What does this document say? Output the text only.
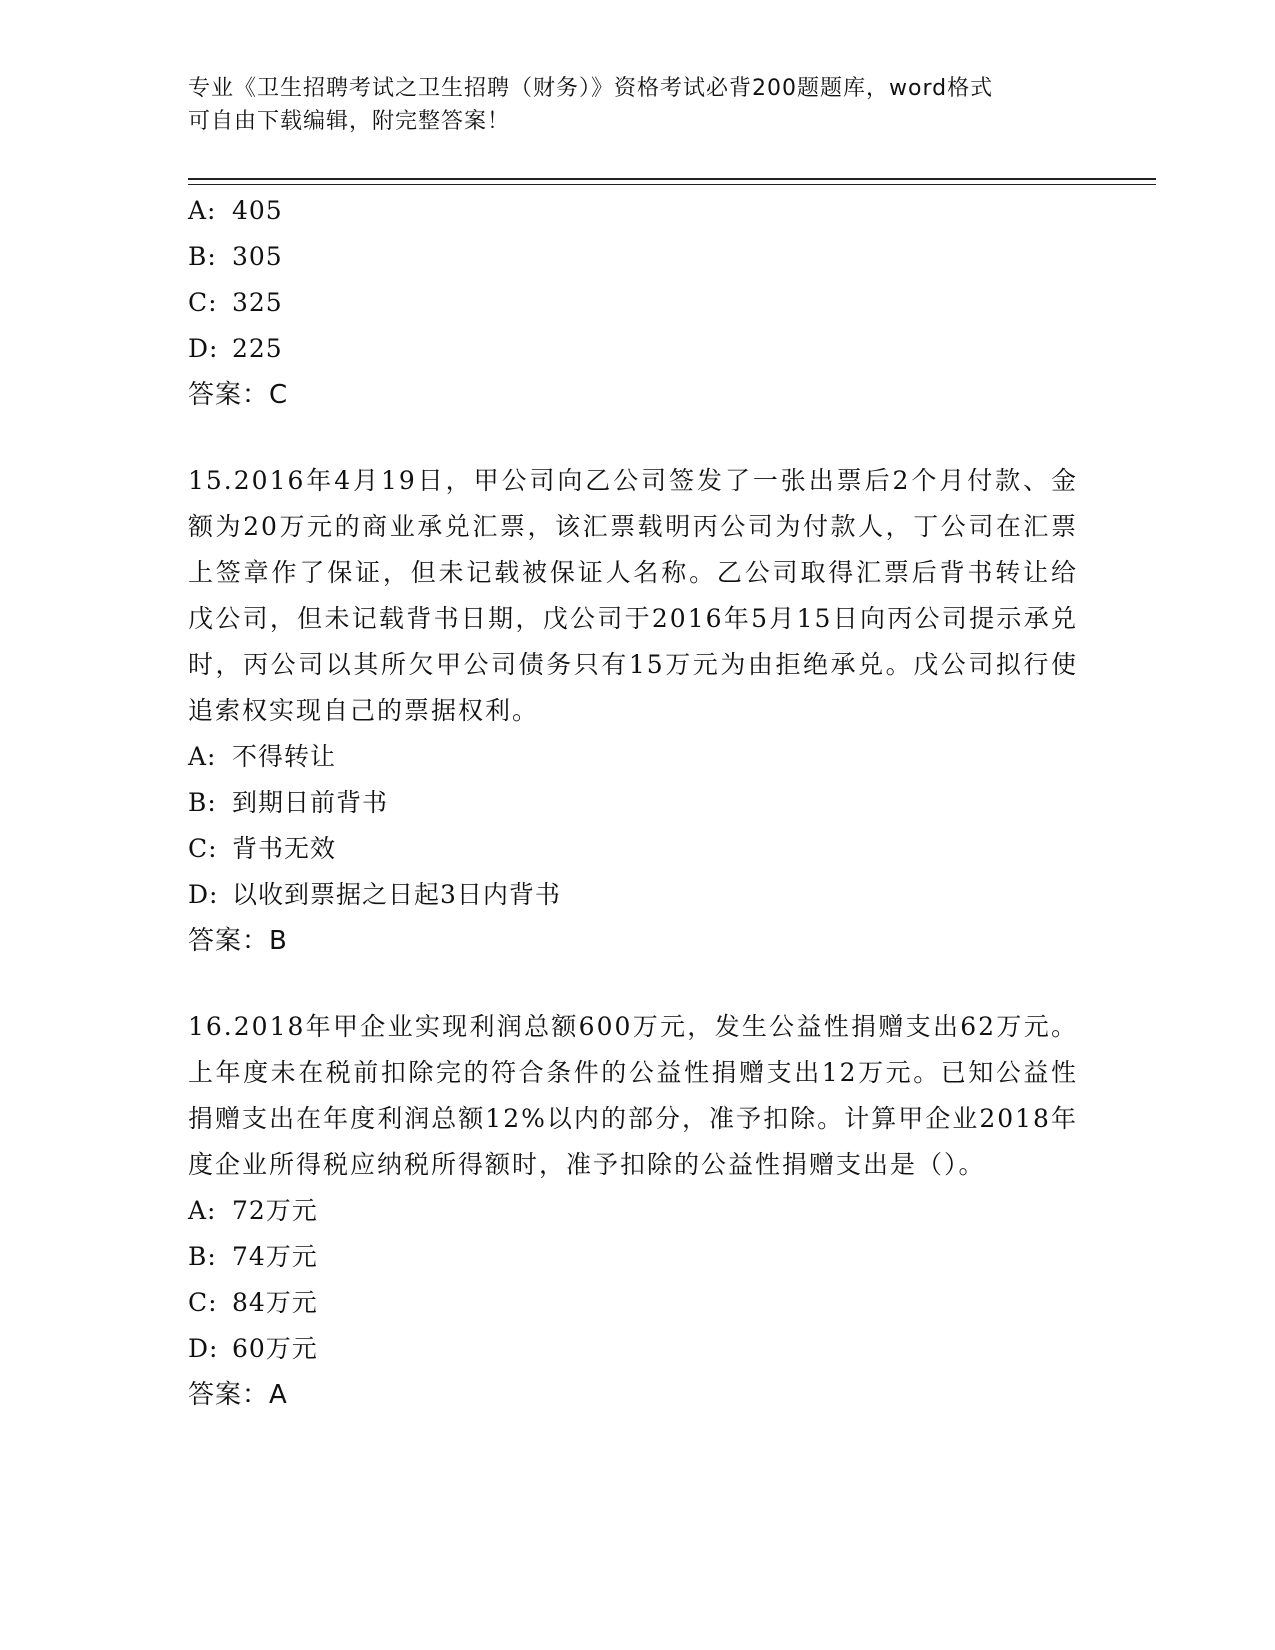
专业《卫生招聘考试之卫生招聘（财务）》资格考试必背200题题库，word格式
可自由下载编辑，附完整答案！
A: 405
B: 305
C: 325
D: 225
答案：C
15.2016年4月19日，甲公司向乙公司签发了一张出票后2个月付款、金额为20万元的商业承兑汇票，该汇票载明丙公司为付款人，丁公司在汇票上签章作了保证，但未记载被保证人名称。乙公司取得汇票后背书转让给戊公司，但未记载背书日期，戊公司于2016年5月15日向丙公司提示承兑时，丙公司以其所欠甲公司债务只有15万元为由拒绝承兑。戊公司拟行使追索权实现自己的票据权利。
A: 不得转让
B: 到期日前背书
C: 背书无效
D: 以收到票据之日起3日内背书
答案：B
16.2018年甲企业实现利润总额600万元，发生公益性捐赠支出62万元。上年度未在税前扣除完的符合条件的公益性捐赠支出12万元。已知公益性捐赠支出在年度利润总额12%以内的部分，准予扣除。计算甲企业2018年度企业所得税应纳税所得额时，准予扣除的公益性捐赠支出是（）。
A: 72万元
B: 74万元
C: 84万元
D: 60万元
答案：A
